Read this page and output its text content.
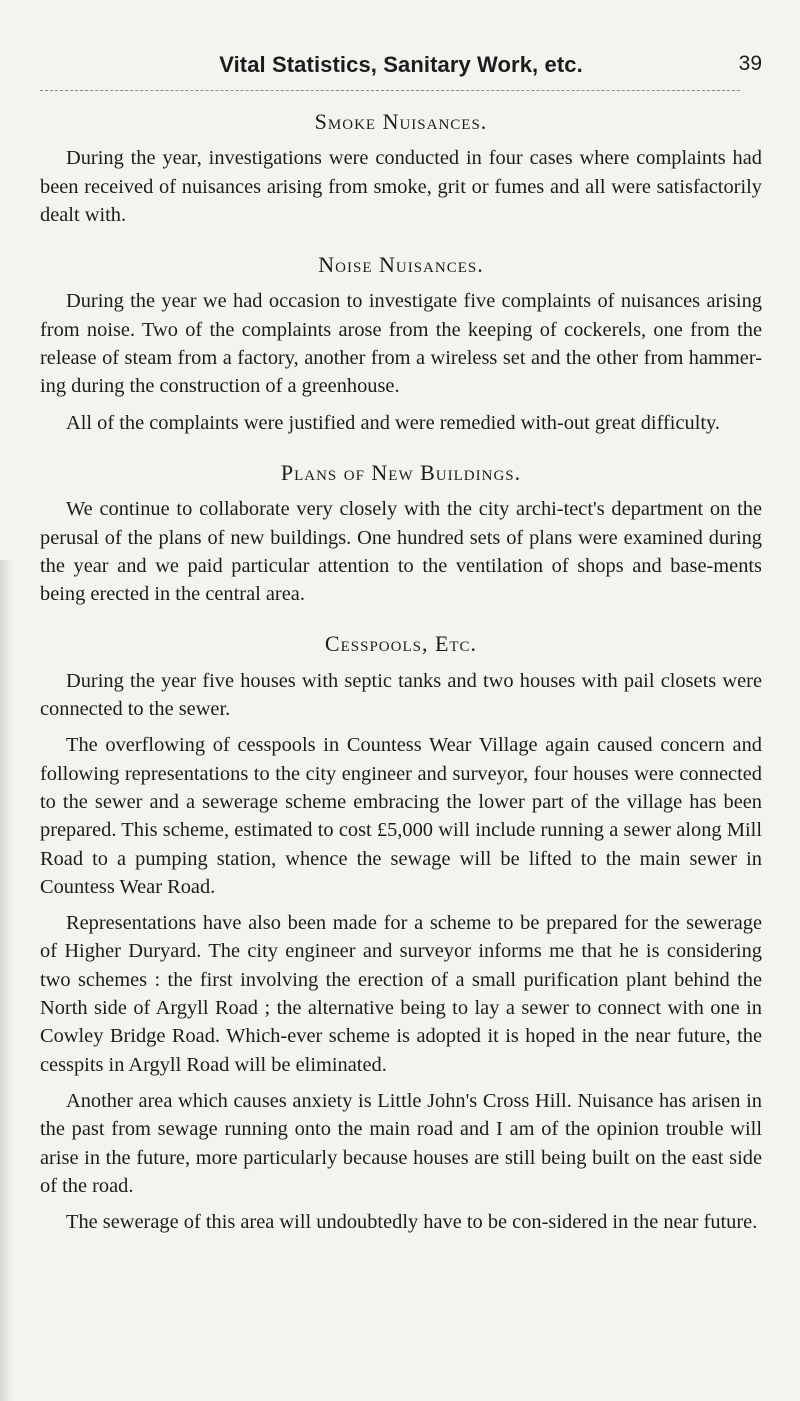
Vital Statistics, Sanitary Work, etc.	39
Smoke Nuisances.

During the year, investigations were conducted in four cases where complaints had been received of nuisances arising from smoke, grit or fumes and all were satisfactorily dealt with.

Noise Nuisances.

During the year we had occasion to investigate five complaints of nuisances arising from noise. Two of the complaints arose from the keeping of cockerels, one from the release of steam from a factory, another from a wireless set and the other from hammer-ing during the construction of a greenhouse.

All of the complaints were justified and were remedied with-out great difficulty.

Plans of New Buildings.

We continue to collaborate very closely with the city archi-tect's department on the perusal of the plans of new buildings. One hundred sets of plans were examined during the year and we paid particular attention to the ventilation of shops and base-ments being erected in the central area.

Cesspools, Etc.

During the year five houses with septic tanks and two houses with pail closets were connected to the sewer.

The overflowing of cesspools in Countess Wear Village again caused concern and following representations to the city engineer and surveyor, four houses were connected to the sewer and a sewerage scheme embracing the lower part of the village has been prepared. This scheme, estimated to cost £5,000 will include running a sewer along Mill Road to a pumping station, whence the sewage will be lifted to the main sewer in Countess Wear Road.

Representations have also been made for a scheme to be prepared for the sewerage of Higher Duryard. The city engineer and surveyor informs me that he is considering two schemes : the first involving the erection of a small purification plant behind the North side of Argyll Road ; the alternative being to lay a sewer to connect with one in Cowley Bridge Road. Which-ever scheme is adopted it is hoped in the near future, the cesspits in Argyll Road will be eliminated.

Another area which causes anxiety is Little John's Cross Hill. Nuisance has arisen in the past from sewage running onto the main road and I am of the opinion trouble will arise in the future, more particularly because houses are still being built on the east side of the road.

The sewerage of this area will undoubtedly have to be con-sidered in the near future.
